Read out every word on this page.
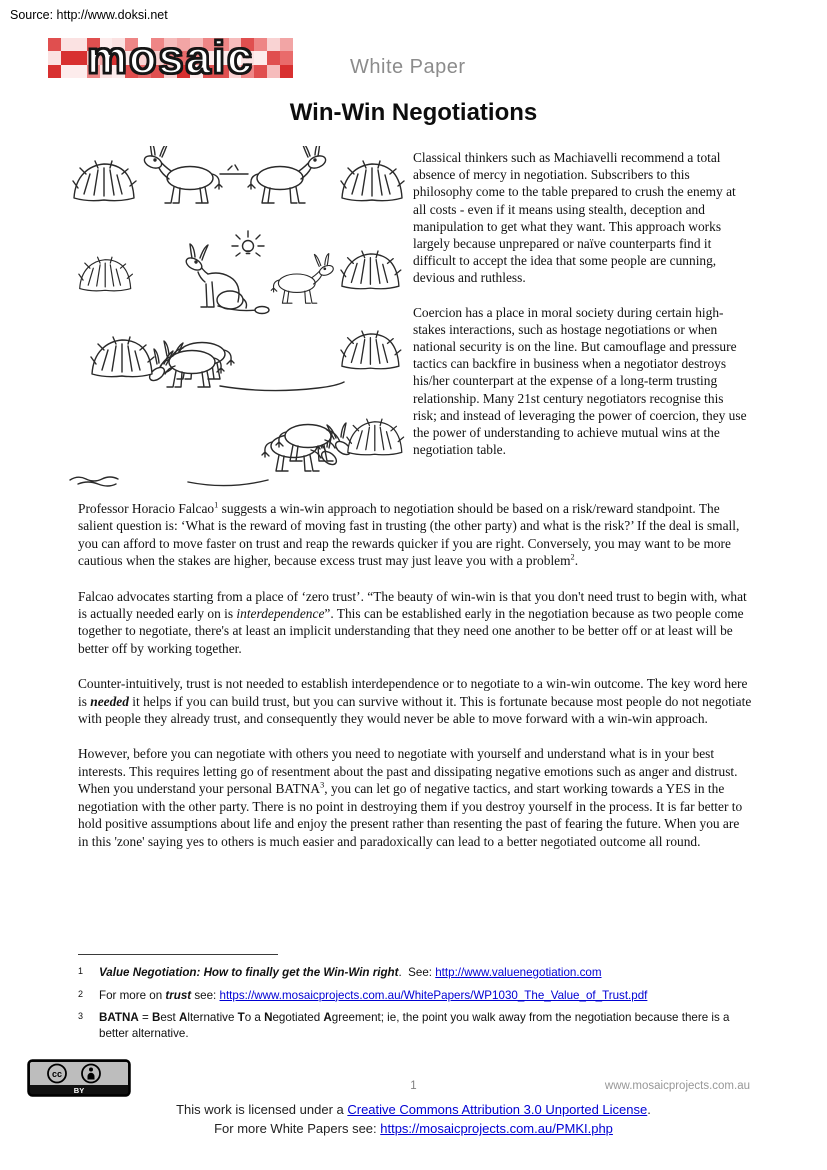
Source: http://www.doksi.net
mosaic	White Paper
Win-Win Negotiations

Classical thinkers such as Machiavelli recommend a total absence of mercy in negotiation. Subscribers to this philosophy come to the table prepared to crush the enemy at all costs - even if it means using stealth, deception and manipulation to get what they want. This approach works largely because unprepared or naïve counterparts find it difficult to accept the idea that some people are cunning, devious and ruthless.

Coercion has a place in moral society during certain high-stakes interactions, such as hostage negotiations or when national security is on the line. But camouflage and pressure tactics can backfire in business when a negotiator destroys his/her counterpart at the expense of a long-term trusting relationship. Many 21st century negotiators recognise this risk; and instead of leveraging the power of coercion, they use the power of understanding to achieve mutual wins at the negotiation table.

Professor Horacio Falcao$^1$ suggests a win-win approach to negotiation should be based on a risk/reward standpoint. The salient question is: ‘What is the reward of moving fast in trusting (the other party) and what is the risk?’ If the deal is small, you can afford to move faster on trust and reap the rewards quicker if you are right. Conversely, you may want to be more cautious when the stakes are higher, because excess trust may just leave you with a problem$^2$.

Falcao advocates starting from a place of ‘zero trust’. “The beauty of win-win is that you don't need trust to begin with, what is actually needed early on is interdependence”. This can be established early in the negotiation because as two people come together to negotiate, there's at least an implicit understanding that they need one another to be better off or at least will be better off by working together.

Counter-intuitively, trust is not needed to establish interdependence or to negotiate to a win-win outcome. The key word here is needed it helps if you can build trust, but you can survive without it. This is fortunate because most people do not negotiate with people they already trust, and consequently they would never be able to move forward with a win-win approach.

However, before you can negotiate with others you need to negotiate with yourself and understand what is in your best interests. This requires letting go of resentment about the past and dissipating negative emotions such as anger and distrust. When you understand your personal BATNA$^3$, you can let go of negative tactics, and start working towards a YES in the negotiation with the other party. There is no point in destroying them if you destroy yourself in the process. It is far better to hold positive assumptions about life and enjoy the present rather than resenting the past of fearing the future. When you are in this 'zone' saying yes to others is much easier and paradoxically can lead to a better negotiated outcome all round.

1	Value Negotiation: How to finally get the Win-Win right.  See: http://www.valuenegotiation.com
2	For more on trust see: https://www.mosaicprojects.com.au/WhitePapers/WP1030_The_Value_of_Trust.pdf
3	BATNA = Best Alternative To a Negotiated Agreement; ie, the point you walk away from the negotiation because there is a better alternative.
cc
BY	1	www.mosaicprojects.com.au
This work is licensed under a Creative Commons Attribution 3.0 Unported License.
For more White Papers see: https://mosaicprojects.com.au/PMKI.php
